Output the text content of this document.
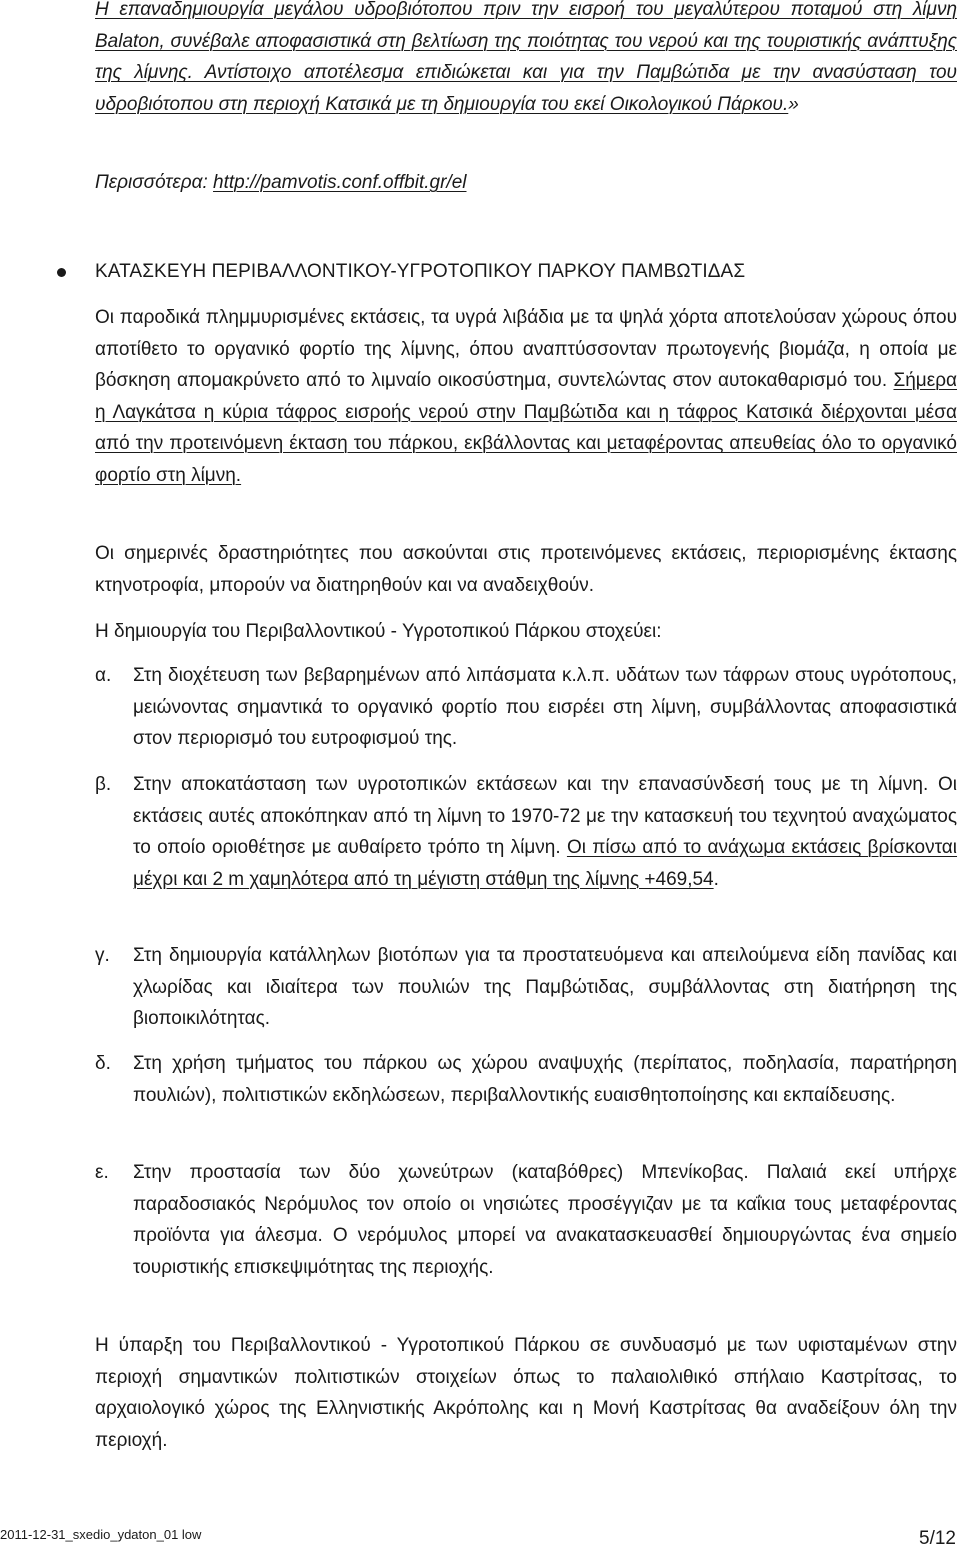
Η επαναδημιουργία μεγάλου υδροβιότοπου πριν την εισροή του μεγαλύτερου ποταμού στη λίμνη Balaton, συνέβαλε αποφασιστικά στη βελτίωση της ποιότητας του νερού και της τουριστικής ανάπτυξης της λίμνης. Αντίστοιχο αποτέλεσμα επιδιώκεται και για την Παμβώτιδα με την ανασύσταση του υδροβιότοπου στη περιοχή Κατσικά με τη δημιουργία του εκεί Οικολογικού Πάρκου.»
Περισσότερα: http://pamvotis.conf.offbit.gr/el
ΚΑΤΑΣΚΕΥΗ ΠΕΡΙΒΑΛΛΟΝΤΙΚΟΥ-ΥΓΡΟΤΟΠΙΚΟΥ ΠΑΡΚΟΥ ΠΑΜΒΩΤΙΔΑΣ
Οι παροδικά πλημμυρισμένες εκτάσεις, τα υγρά λιβάδια με τα ψηλά χόρτα αποτελούσαν χώρους όπου αποτίθετο το οργανικό φορτίο της λίμνης, όπου αναπτύσσονταν πρωτογενής βιομάζα, η οποία με βόσκηση απομακρύνετο από το λιμναίο οικοσύστημα, συντελώντας στον αυτοκαθαρισμό του. Σήμερα η Λαγκάτσα η κύρια τάφρος εισροής νερού στην Παμβώτιδα και η τάφρος Κατσικά διέρχονται μέσα από την προτεινόμενη έκταση του πάρκου, εκβάλλοντας και μεταφέροντας απευθείας όλο το οργανικό φορτίο στη λίμνη.
Οι σημερινές δραστηριότητες που ασκούνται στις προτεινόμενες εκτάσεις, περιορισμένης έκτασης κτηνοτροφία, μπορούν να διατηρηθούν και να αναδειχθούν.
Η δημιουργία του Περιβαλλοντικού - Υγροτοπικού Πάρκου στοχεύει:
α. Στη διοχέτευση των βεβαρημένων από λιπάσματα κ.λ.π. υδάτων των τάφρων στους υγρότοπους, μειώνοντας σημαντικά το οργανικό φορτίο που εισρέει στη λίμνη, συμβάλλοντας αποφασιστικά στον περιορισμό του ευτροφισμού της.
β. Στην αποκατάσταση των υγροτοπικών εκτάσεων και την επανασύνδεσή τους με τη λίμνη. Οι εκτάσεις αυτές αποκόπηκαν από τη λίμνη το 1970-72 με την κατασκευή του τεχνητού αναχώματος το οποίο οριοθέτησε με αυθαίρετο τρόπο τη λίμνη. Οι πίσω από το ανάχωμα εκτάσεις βρίσκονται μέχρι και 2 m χαμηλότερα από τη μέγιστη στάθμη της λίμνης +469,54.
γ. Στη δημιουργία κατάλληλων βιοτόπων για τα προστατευόμενα και απειλούμενα είδη πανίδας και χλωρίδας και ιδιαίτερα των πουλιών της Παμβώτιδας, συμβάλλοντας στη διατήρηση της βιοποικιλότητας.
δ. Στη χρήση τμήματος του πάρκου ως χώρου αναψυχής (περίπατος, ποδηλασία, παρατήρηση πουλιών), πολιτιστικών εκδηλώσεων, περιβαλλοντικής ευαισθητοποίησης και εκπαίδευσης.
ε. Στην προστασία των δύο χωνεύτρων (καταβόθρες) Μπενίκοβας. Παλαιά εκεί υπήρχε παραδοσιακός Νερόμυλος τον οποίο οι νησιώτες προσέγγιζαν με τα καΐκια τους μεταφέροντας προϊόντα για άλεσμα. Ο νερόμυλος μπορεί να ανακατασκευασθεί δημιουργώντας ένα σημείο τουριστικής επισκεψιμότητας της περιοχής.
Η ύπαρξη του Περιβαλλοντικού - Υγροτοπικού Πάρκου σε συνδυασμό με των υφισταμένων στην περιοχή σημαντικών πολιτιστικών στοιχείων όπως το παλαιολιθικό σπήλαιο Καστρίτσας, το αρχαιολογικό χώρος της Ελληνιστικής Ακρόπολης και η Μονή Καστρίτσας θα αναδείξουν όλη την περιοχή.
2011-12-31_sxedio_ydaton_01 low	5/12
